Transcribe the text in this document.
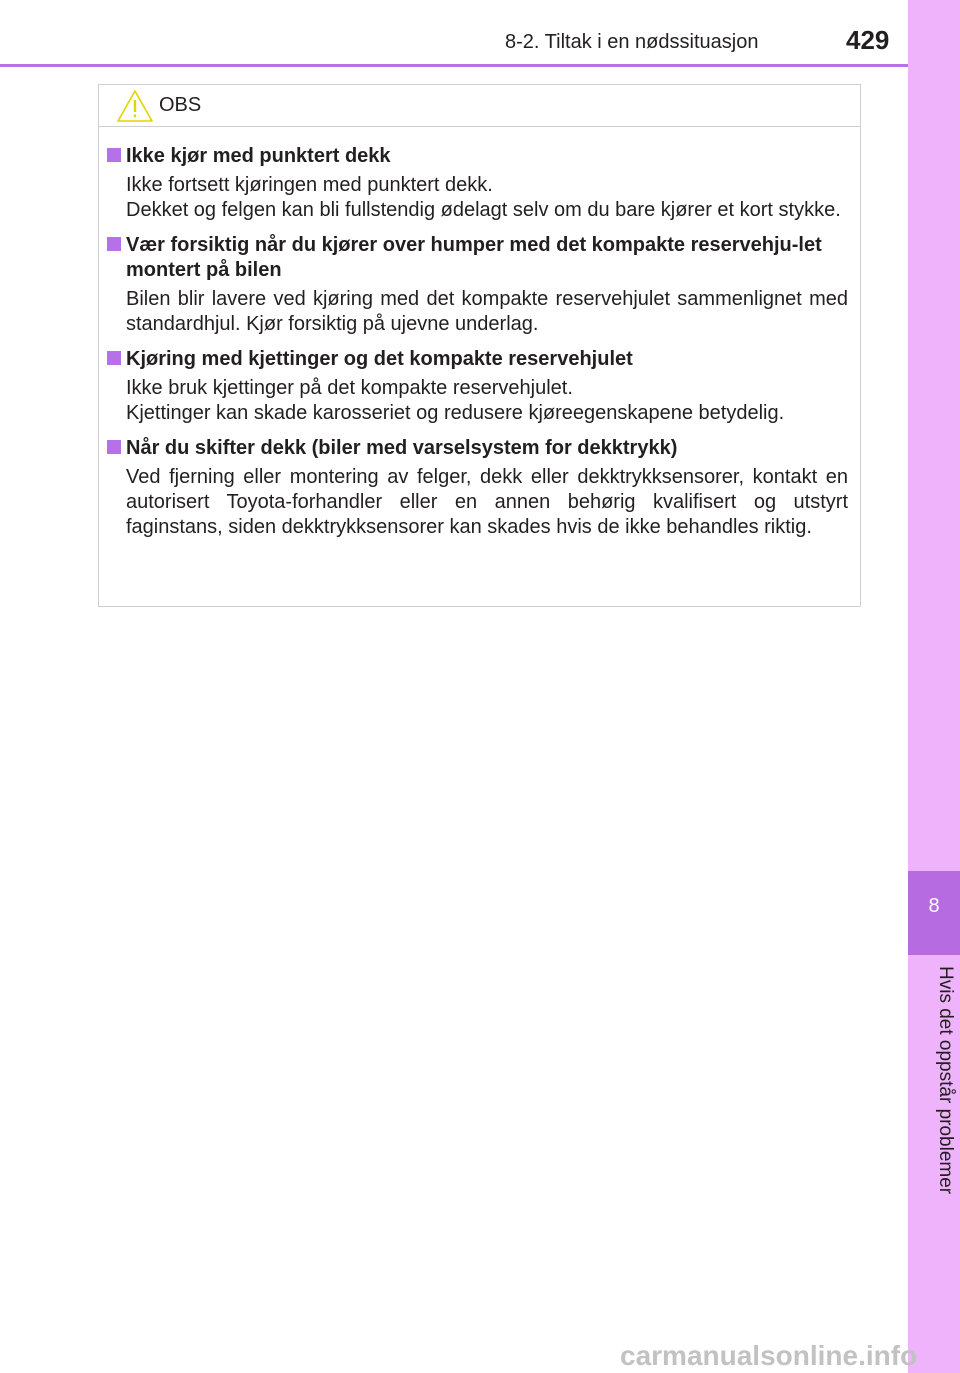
8-2. Tiltak i en nødssituasjon	429
8
Hvis det oppstår problemer
OBS
Ikke kjør med punktert dekk
Ikke fortsett kjøringen med punktert dekk.
Dekket og felgen kan bli fullstendig ødelagt selv om du bare kjører et kort stykke.
Vær forsiktig når du kjører over humper med det kompakte reservehju-let montert på bilen
Bilen blir lavere ved kjøring med det kompakte reservehjulet sammenlignet med standardhjul. Kjør forsiktig på ujevne underlag.
Kjøring med kjettinger og det kompakte reservehjulet
Ikke bruk kjettinger på det kompakte reservehjulet.
Kjettinger kan skade karosseriet og redusere kjøreegenskapene betydelig.
Når du skifter dekk (biler med varselsystem for dekktrykk)
Ved fjerning eller montering av felger, dekk eller dekktrykksensorer, kontakt en autorisert Toyota-forhandler eller en annen behørig kvalifisert og utstyrt faginstans, siden dekktrykksensorer kan skades hvis de ikke behandles riktig.
carmanualsonline.info
